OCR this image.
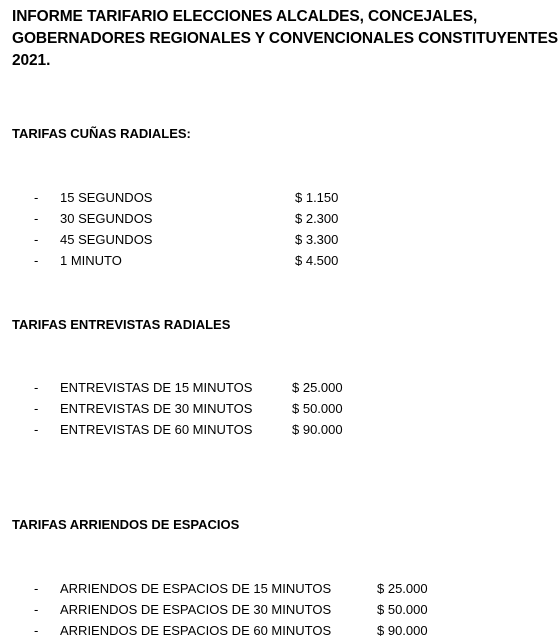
INFORME TARIFARIO ELECCIONES ALCALDES, CONCEJALES,
GOBERNADORES REGIONALES Y CONVENCIONALES CONSTITUYENTES
2021.
TARIFAS CUÑAS RADIALES:
- 15 SEGUNDOS	$ 1.150
- 30 SEGUNDOS	$ 2.300
- 45 SEGUNDOS	$ 3.300
- 1 MINUTO	$ 4.500
TARIFAS ENTREVISTAS RADIALES
- ENTREVISTAS DE 15 MINUTOS	$ 25.000
- ENTREVISTAS DE 30 MINUTOS	$ 50.000
- ENTREVISTAS DE 60 MINUTOS	$ 90.000
TARIFAS ARRIENDOS DE ESPACIOS
- ARRIENDOS DE ESPACIOS DE 15 MINUTOS	$ 25.000
- ARRIENDOS DE ESPACIOS DE 30 MINUTOS	$ 50.000
- ARRIENDOS DE ESPACIOS DE 60 MINUTOS	$ 90.000
